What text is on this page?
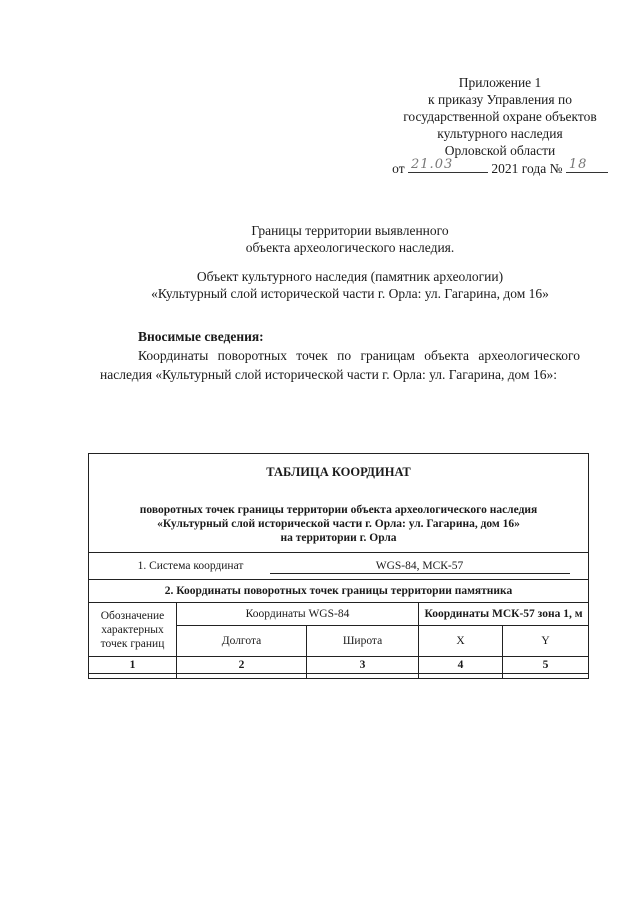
Приложение 1
к приказу Управления по
государственной охране объектов
культурного наследия
Орловской области
от 21.03	2021 года № 18
Границы территории выявленного
объекта археологического наследия.
Объект культурного наследия (памятник археологии)
«Культурный слой исторической части г. Орла: ул. Гагарина, дом 16»
Вносимые сведения:
Координаты поворотных точек по границам объекта археологического наследия «Культурный слой исторической части г. Орла: ул. Гагарина, дом 16»:
ТАБЛИЦА КООРДИНАТ
поворотных точек границы территории объекта археологического наследия
«Культурный слой исторической части г. Орла: ул. Гагарина, дом 16»
на территории г. Орла				

1. Система координат WGS-84, МСК-57				
2. Координаты поворотных точек границы территории памятника				
Обозначение характерных точек границ	Координаты WGS-84		Координаты МСК-57 зона 1, м	
	Долгота	Широта	X	Y
1	2	3	4	5
